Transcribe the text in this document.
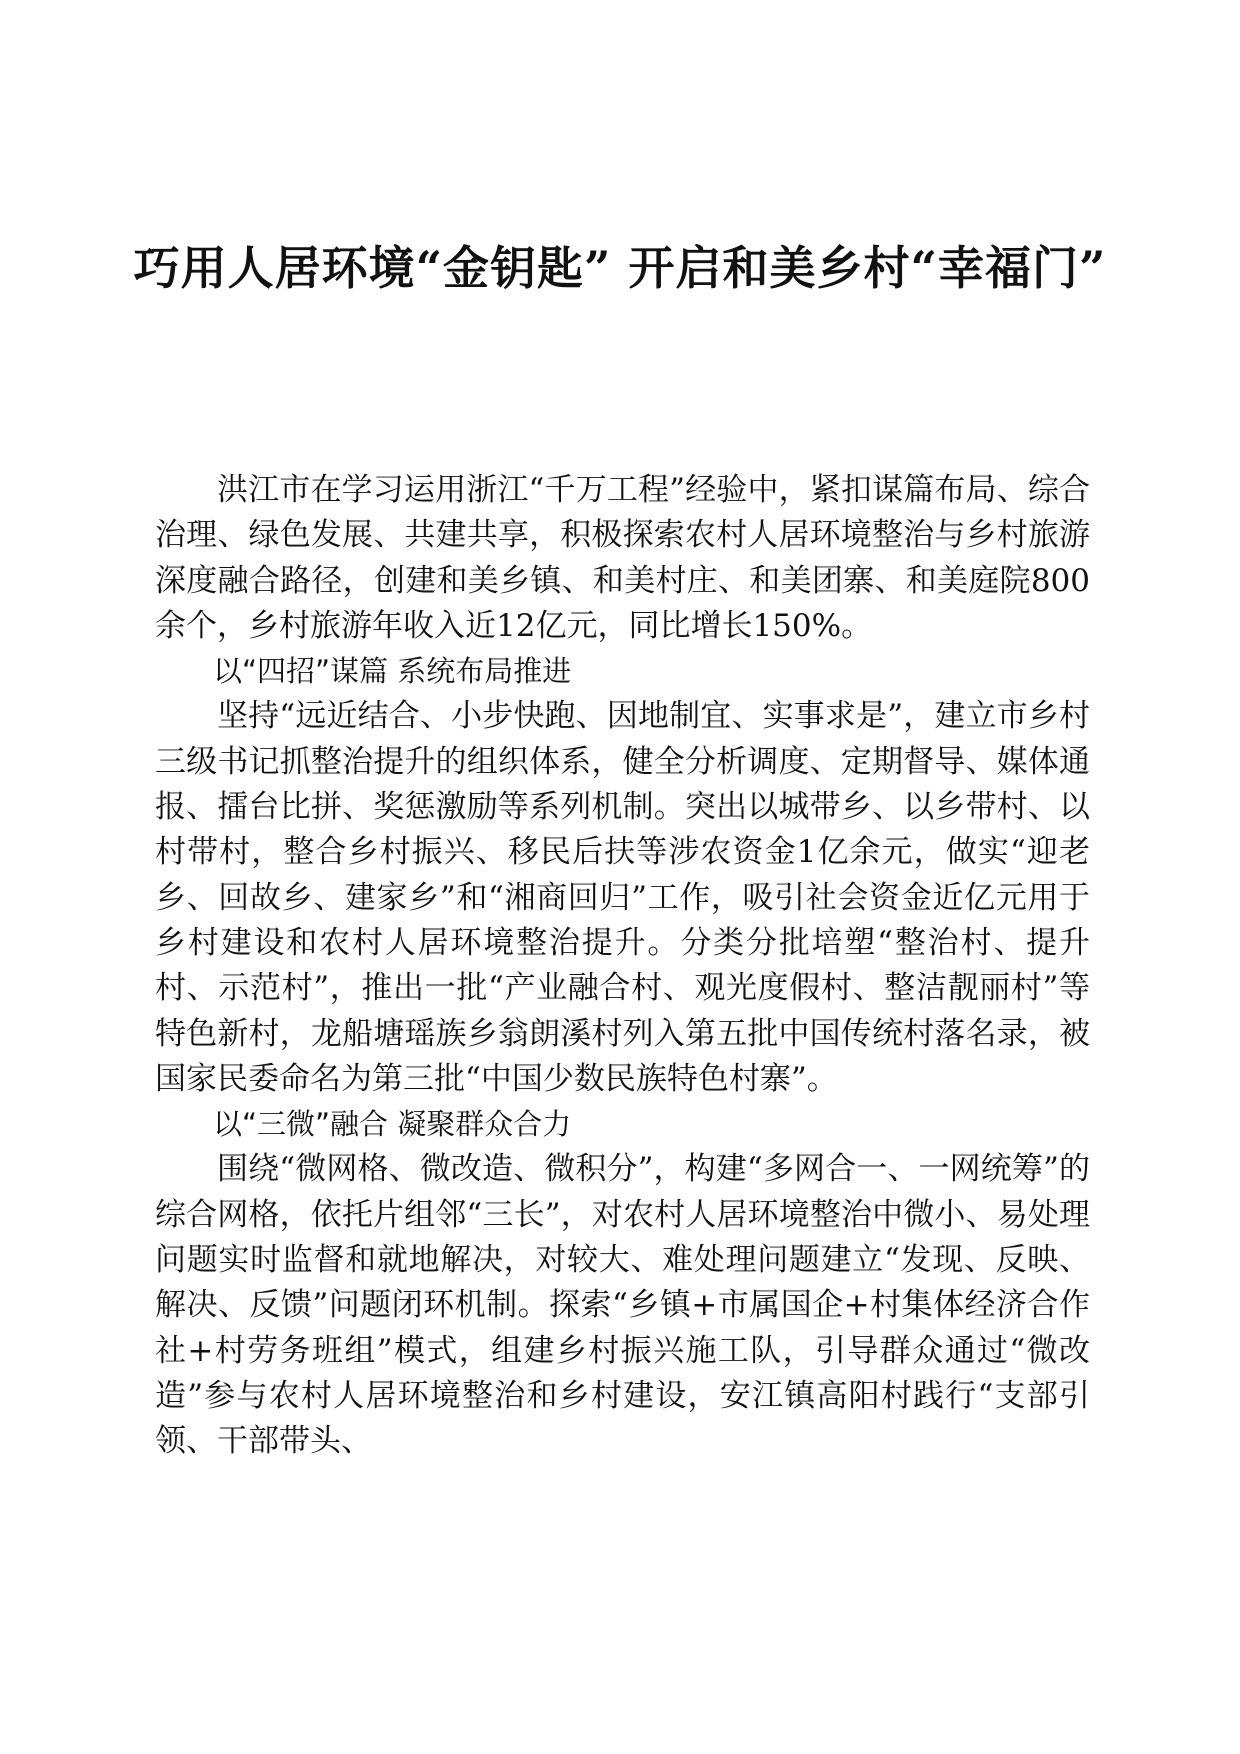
巧用人居环境“金钥匙” 开启和美乡村“幸福门”

洪江市在学习运用浙江“千万工程”经验中，紧扣谋篇布局、综合治理、绿色发展、共建共享，积极探索农村人居环境整治与乡村旅游深度融合路径，创建和美乡镇、和美村庄、和美团寨、和美庭院800余个，乡村旅游年收入近12亿元，同比增长150%。

以“四招”谋篇 系统布局推进

坚持“远近结合、小步快跑、因地制宜、实事求是”，建立市乡村三级书记抓整治提升的组织体系，健全分析调度、定期督导、媒体通报、擂台比拼、奖惩激励等系列机制。突出以城带乡、以乡带村、以村带村，整合乡村振兴、移民后扶等涉农资金1亿余元，做实“迎老乡、回故乡、建家乡”和“湘商回归”工作，吸引社会资金近亿元用于乡村建设和农村人居环境整治提升。分类分批培塑“整治村、提升村、示范村”，推出一批“产业融合村、观光度假村、整洁靓丽村”等特色新村，龙船塘瑶族乡翁朗溪村列入第五批中国传统村落名录，被国家民委命名为第三批“中国少数民族特色村寨”。

以“三微”融合 凝聚群众合力

围绕“微网格、微改造、微积分”，构建“多网合一、一网统筹”的综合网格，依托片组邻“三长”，对农村人居环境整治中微小、易处理问题实时监督和就地解决，对较大、难处理问题建立“发现、反映、解决、反馈”问题闭环机制。探索“乡镇+市属国企+村集体经济合作社+村劳务班组”模式，组建乡村振兴施工队，引导群众通过“微改造”参与农村人居环境整治和乡村建设，安江镇高阳村践行“支部引领、干部带头、
